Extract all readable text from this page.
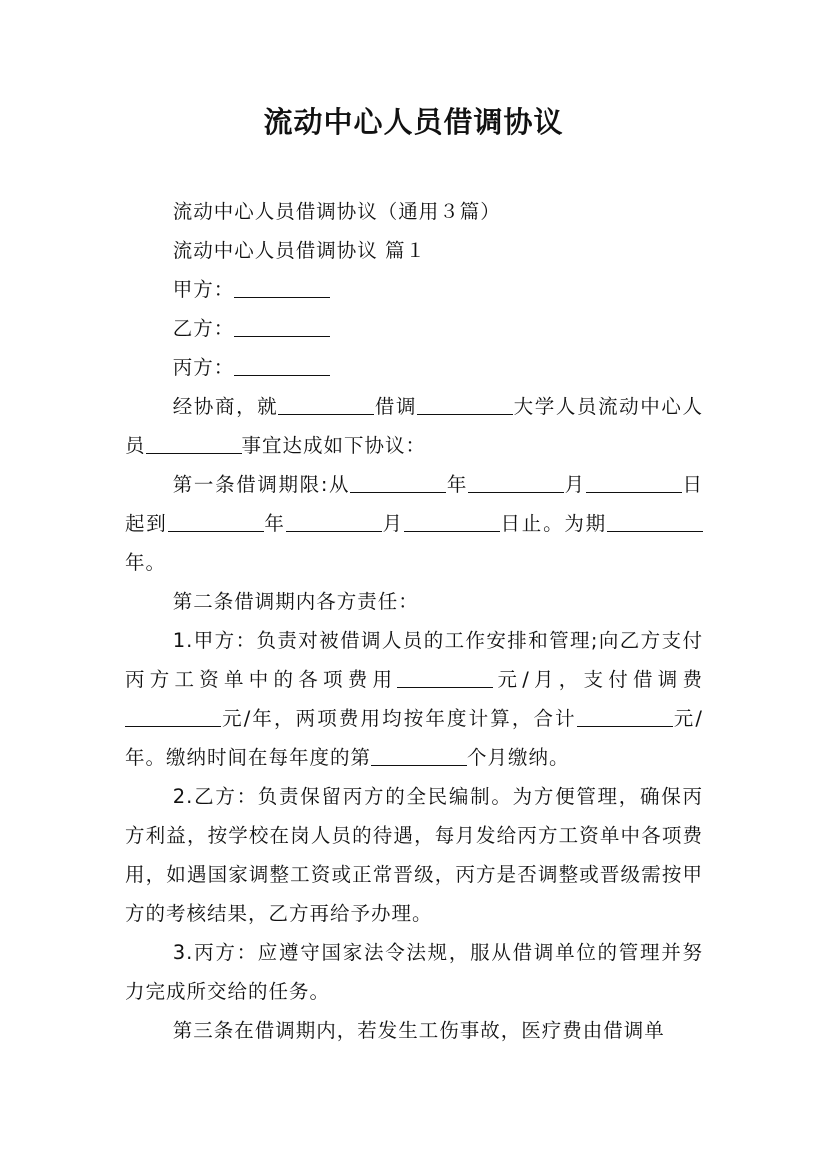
流动中心人员借调协议

流动中心人员借调协议（通用３篇）

流动中心人员借调协议 篇１

甲方：

乙方：

丙方：

经协商，就	借调	大学人员流动中心人员	事宜达成如下协议：

第一条借调期限:从	年	月	日起到	年	月	日止。为期年。

第二条借调期内各方责任：

1.甲方：负责对被借调人员的工作安排和管理;向乙方支付丙方工资单中的各项费用	元/月，支付借调费元/年，两项费用均按年度计算，合计	元/年。缴纳时间在每年度的第	个月缴纳。

2.乙方：负责保留丙方的全民编制。为方便管理，确保丙方利益，按学校在岗人员的待遇，每月发给丙方工资单中各项费用，如遇国家调整工资或正常晋级，丙方是否调整或晋级需按甲方的考核结果，乙方再给予办理。

3.丙方：应遵守国家法令法规，服从借调单位的管理并努力完成所交给的任务。

第三条在借调期内，若发生工伤事故，医疗费由借调单
